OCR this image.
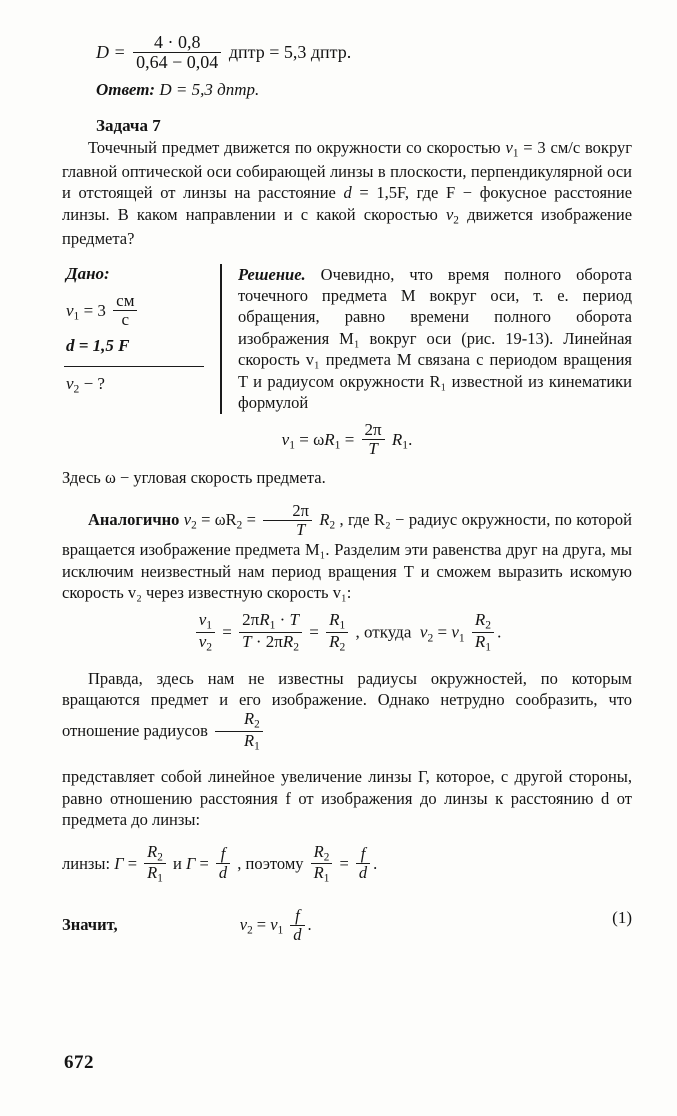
$D = \frac{4 \cdot 0,8}{0,64 - 0,04}$ дптр = 5,3 дптр.
Ответ: D = 5,3 дптр.
Задача 7
Точечный предмет движется по окружности со скоростью $v_1 = 3$ см/с вокруг главной оптической оси собирающей линзы в плоскости, перпендикулярной оси и отстоящей от линзы на расстояние d = 1,5F, где F − фокусное расстояние линзы. В каком направлении и с какой скоростью $v_2$ движется изображение предмета?
Дано:
$v_1 = 3 \frac{см}{с}$
d = 1,5 F
$v_2$ − ?
Решение. Очевидно, что время полного оборота точечного предмета M вокруг оси, т. е. период обращения, равно времени полного оборота изображения M₁ вокруг оси (рис. 19-13). Линейная скорость v₁ предмета M связана с периодом вращения T и радиусом окружности R₁ известной из кинематики формулой
$v_1 = \omega R_1 = \frac{2\pi}{T} R_1$.
Здесь ω − угловая скорость предмета.
Аналогично $v_2 = \omega R_2 = \frac{2\pi}{T} R_2$ , где R₂ − радиус окружности, по которой вращается изображение предмета M₁. Разделим эти равенства друг на друга, мы исключим неизвестный нам период вращения T и сможем выразить искомую скорость v₂ через известную скорость v₁:
$\frac{v_1}{v_2} = \frac{2\pi R_1 \cdot T}{T \cdot 2\pi R_2} = \frac{R_1}{R_2}$ , откуда $v_2 = v_1 \frac{R_2}{R_1}$ .
Правда, здесь нам не известны радиусы окружностей, по которым вращаются предмет и его изображение. Однако нетрудно сообразить, что отношение радиусов $\frac{R_2}{R_1}$
представляет собой линейное увеличение линзы Г, которое, с другой стороны, равно отношению расстояния f от изображения до линзы к расстоянию d от предмета до линзы:
линзы: $\Gamma = \frac{R_2}{R_1}$ и $\Gamma = \frac{f}{d}$ , поэтому $\frac{R_2}{R_1} = \frac{f}{d}$ .
(1)
Значит,	$v_2 = v_1 \frac{f}{d}$ .
672
